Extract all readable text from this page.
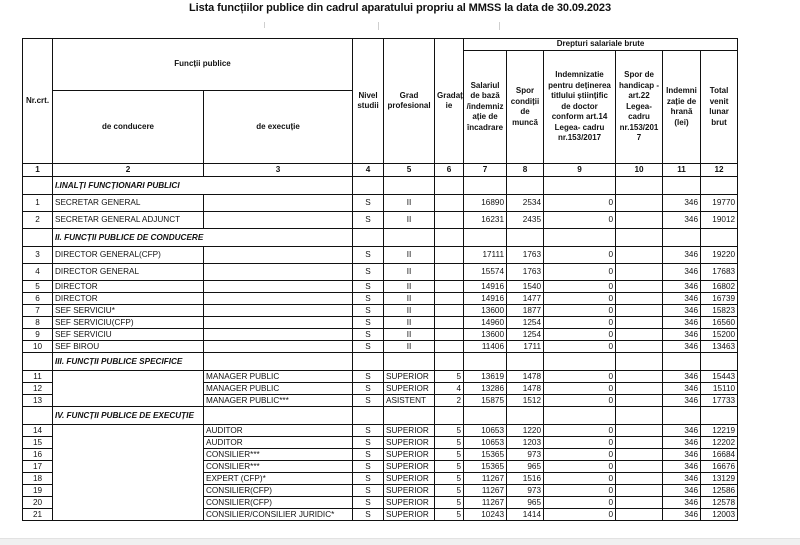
Lista funcțiilor publice din cadrul aparatului propriu al MMSS la data de 30.09.2023
Nr.crt.	Funcții publice		Nivel studii	Grad profesional	Gradaț ie	Drepturi salariale brute					
						Salariul de bază /indemniz ație de încadrare	Spor condiții de muncă	Indemnizatie pentru deținerea titlului științific de doctor conform art.14 Legea- cadru nr.153/2017	Spor de handicap - art.22 Legea- cadru nr.153/201 7	Indemni zație de hrană (lei)	Total venit lunar brut
	de conducere	de execuție									
1	2	3	4	5	6	7	8	9	10	11	12
	I.INALȚI FUNCȚIONARI PUBLICI										
1	SECRETAR GENERAL		S	II		16890	2534	0		346	19770
2	SECRETAR GENERAL ADJUNCT		S	II		16231	2435	0		346	19012
	II. FUNCȚII PUBLICE DE CONDUCERE										
3	DIRECTOR GENERAL(CFP)		S	II		17111	1763	0		346	19220
4	DIRECTOR GENERAL		S	II		15574	1763	0		346	17683
5	DIRECTOR		S	II		14916	1540	0		346	16802
6	DIRECTOR		S	II		14916	1477	0		346	16739
7	SEF SERVICIU*		S	II		13600	1877	0		346	15823
8	SEF SERVICIU(CFP)		S	II		14960	1254	0		346	16560
9	SEF SERVICIU		S	II		13600	1254	0		346	15200
10	SEF BIROU		S	II		11406	1711	0		346	13463
	III. FUNCȚII PUBLICE SPECIFICE										
11		MANAGER PUBLIC	S	SUPERIOR	5	13619	1478	0		346	15443
12		MANAGER PUBLIC	S	SUPERIOR	4	13286	1478	0		346	15110
13		MANAGER PUBLIC***	S	ASISTENT	2	15875	1512	0		346	17733
	IV. FUNCȚII PUBLICE DE EXECUȚIE										
14		AUDITOR	S	SUPERIOR	5	10653	1220	0		346	12219
15		AUDITOR	S	SUPERIOR	5	10653	1203	0		346	12202
16		CONSILIER***	S	SUPERIOR	5	15365	973	0		346	16684
17		CONSILIER***	S	SUPERIOR	5	15365	965	0		346	16676
18		EXPERT (CFP)*	S	SUPERIOR	5	11267	1516	0		346	13129
19		CONSILIER(CFP)	S	SUPERIOR	5	11267	973	0		346	12586
20		CONSILIER(CFP)	S	SUPERIOR	5	11267	965	0		346	12578
21		CONSILIER/CONSILIER JURIDIC*	S	SUPERIOR	5	10243	1414	0		346	12003
